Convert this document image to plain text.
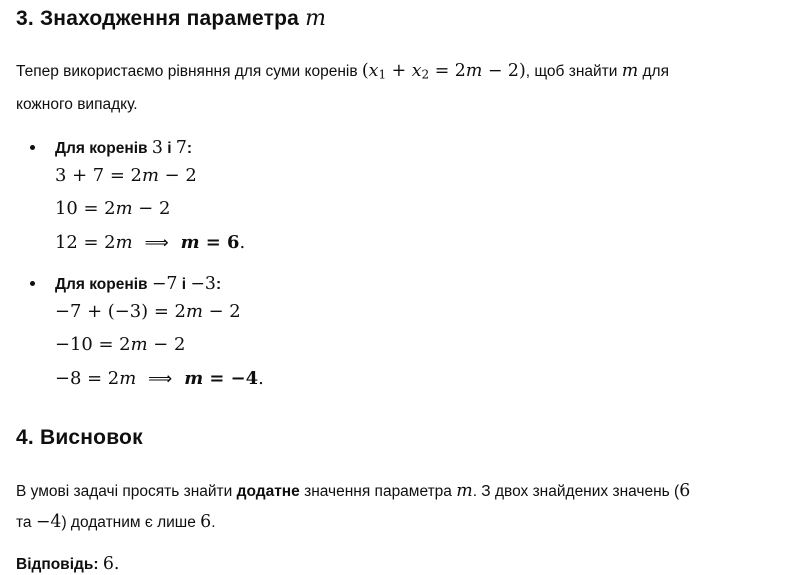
3. Знаходження параметра m

Тепер використаємо рівняння для суми коренів $(x_1 + x_2 = 2m - 2)$, щоб знайти m для
кожного випадку.

Для коренів 3 і 7:
3 + 7 = 2m − 2
10 = 2m − 2
12 = 2m ⟹ m = 6.
Для коренів −7 і −3:
−7 + (−3) = 2m − 2
−10 = 2m − 2
−8 = 2m ⟹ m = −4.
4. Висновок

В умові задачі просять знайти додатне значення параметра m. З двох знайдених значень (6
та −4) додатним є лише 6.

Відповідь: 6.
